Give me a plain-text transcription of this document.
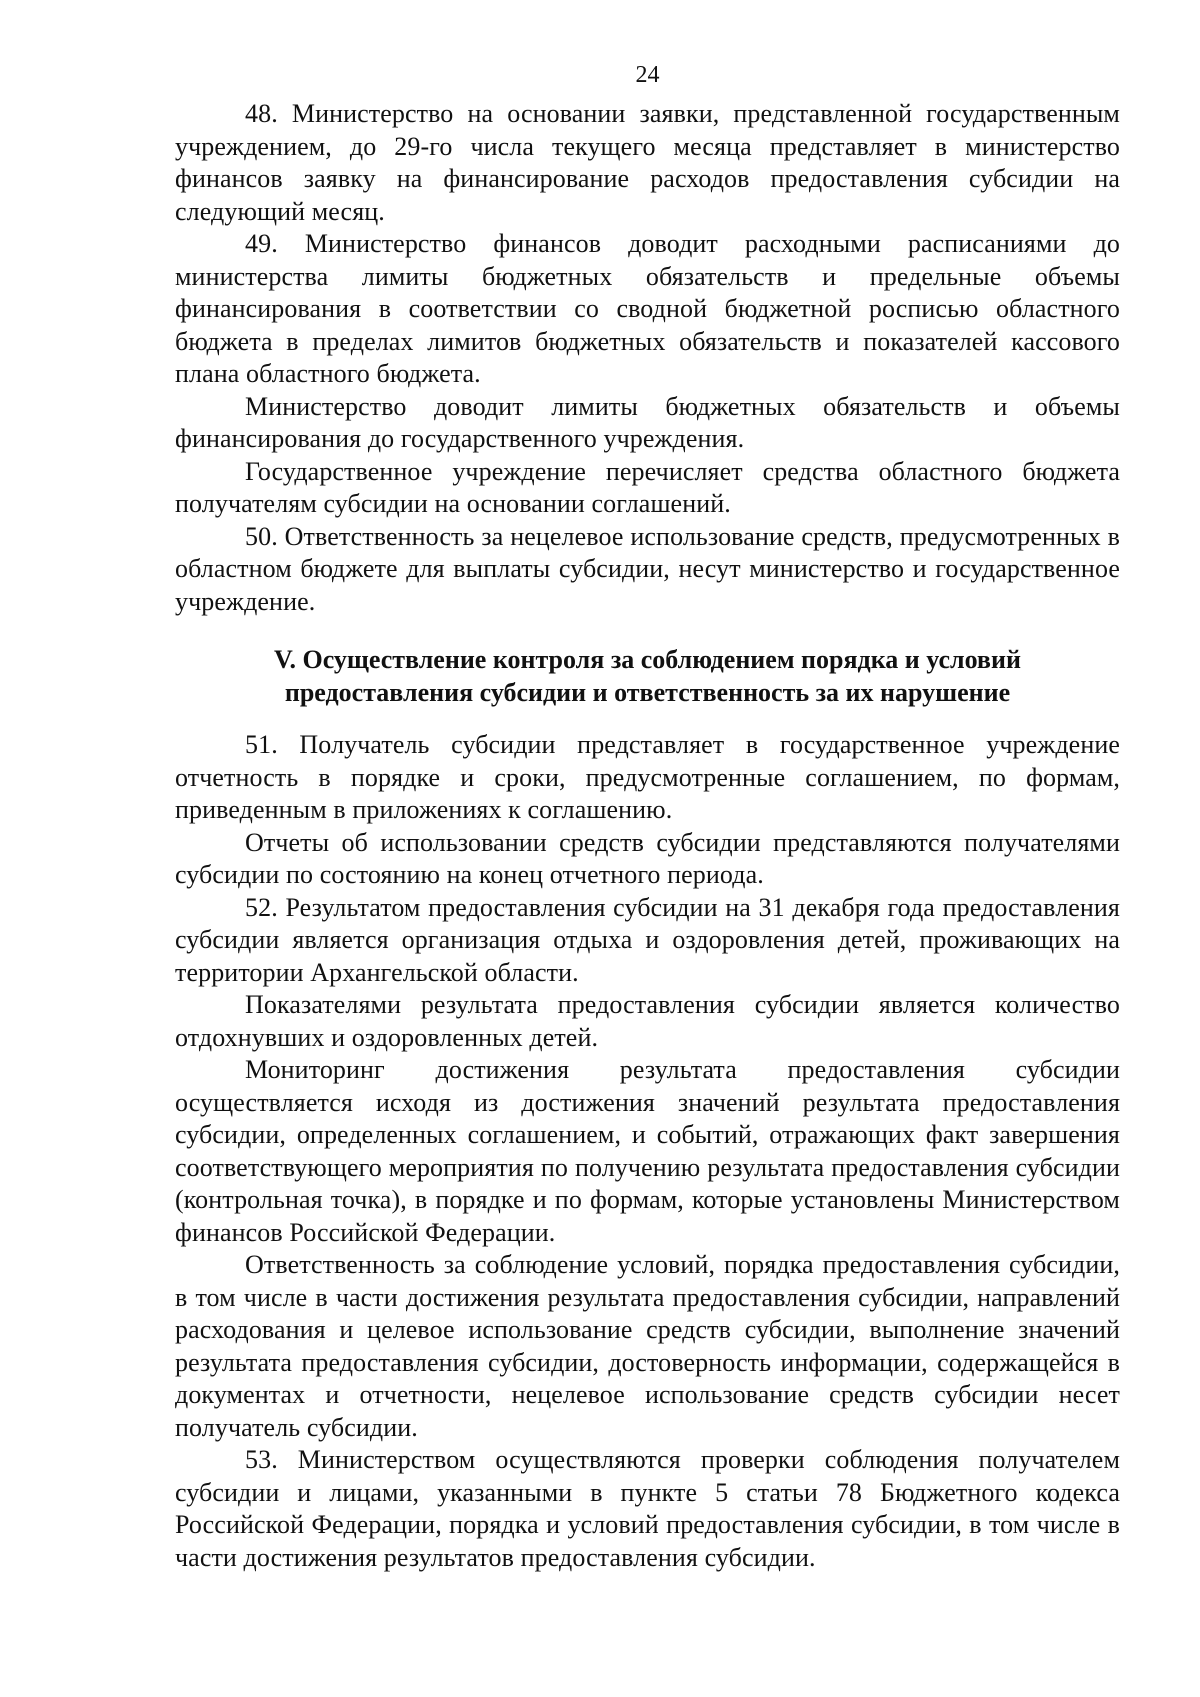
24

48. Министерство на основании заявки, представленной государственным учреждением, до 29-го числа текущего месяца представляет в министерство финансов заявку на финансирование расходов предоставления субсидии на следующий месяц.

49. Министерство финансов доводит расходными расписаниями до министерства лимиты бюджетных обязательств и предельные объемы финансирования в соответствии со сводной бюджетной росписью областного бюджета в пределах лимитов бюджетных обязательств и показателей кассового плана областного бюджета.

Министерство доводит лимиты бюджетных обязательств и объемы финансирования до государственного учреждения.

Государственное учреждение перечисляет средства областного бюджета получателям субсидии на основании соглашений.

50. Ответственность за нецелевое использование средств, предусмотренных в областном бюджете для выплаты субсидии, несут министерство и государственное учреждение.

V. Осуществление контроля за соблюдением порядка и условий
предоставления субсидии и ответственность за их нарушение

51. Получатель субсидии представляет в государственное учреждение отчетность в порядке и сроки, предусмотренные соглашением, по формам, приведенным в приложениях к соглашению.

Отчеты об использовании средств субсидии представляются получателями субсидии по состоянию на конец отчетного периода.

52. Результатом предоставления субсидии на 31 декабря года предоставления субсидии является организация отдыха и оздоровления детей, проживающих на территории Архангельской области.

Показателями результата предоставления субсидии является количество отдохнувших и оздоровленных детей.

Мониторинг достижения результата предоставления субсидии осуществляется исходя из достижения значений результата предоставления субсидии, определенных соглашением, и событий, отражающих факт завершения соответствующего мероприятия по получению результата предоставления субсидии (контрольная точка), в порядке и по формам, которые установлены Министерством финансов Российской Федерации.

Ответственность за соблюдение условий, порядка предоставления субсидии, в том числе в части достижения результата предоставления субсидии, направлений расходования и целевое использование средств субсидии, выполнение значений результата предоставления субсидии, достоверность информации, содержащейся в документах и отчетности, нецелевое использование средств субсидии несет получатель субсидии.

53. Министерством осуществляются проверки соблюдения получателем субсидии и лицами, указанными в пункте 5 статьи 78 Бюджетного кодекса Российской Федерации, порядка и условий предоставления субсидии, в том числе в части достижения результатов предоставления субсидии.
